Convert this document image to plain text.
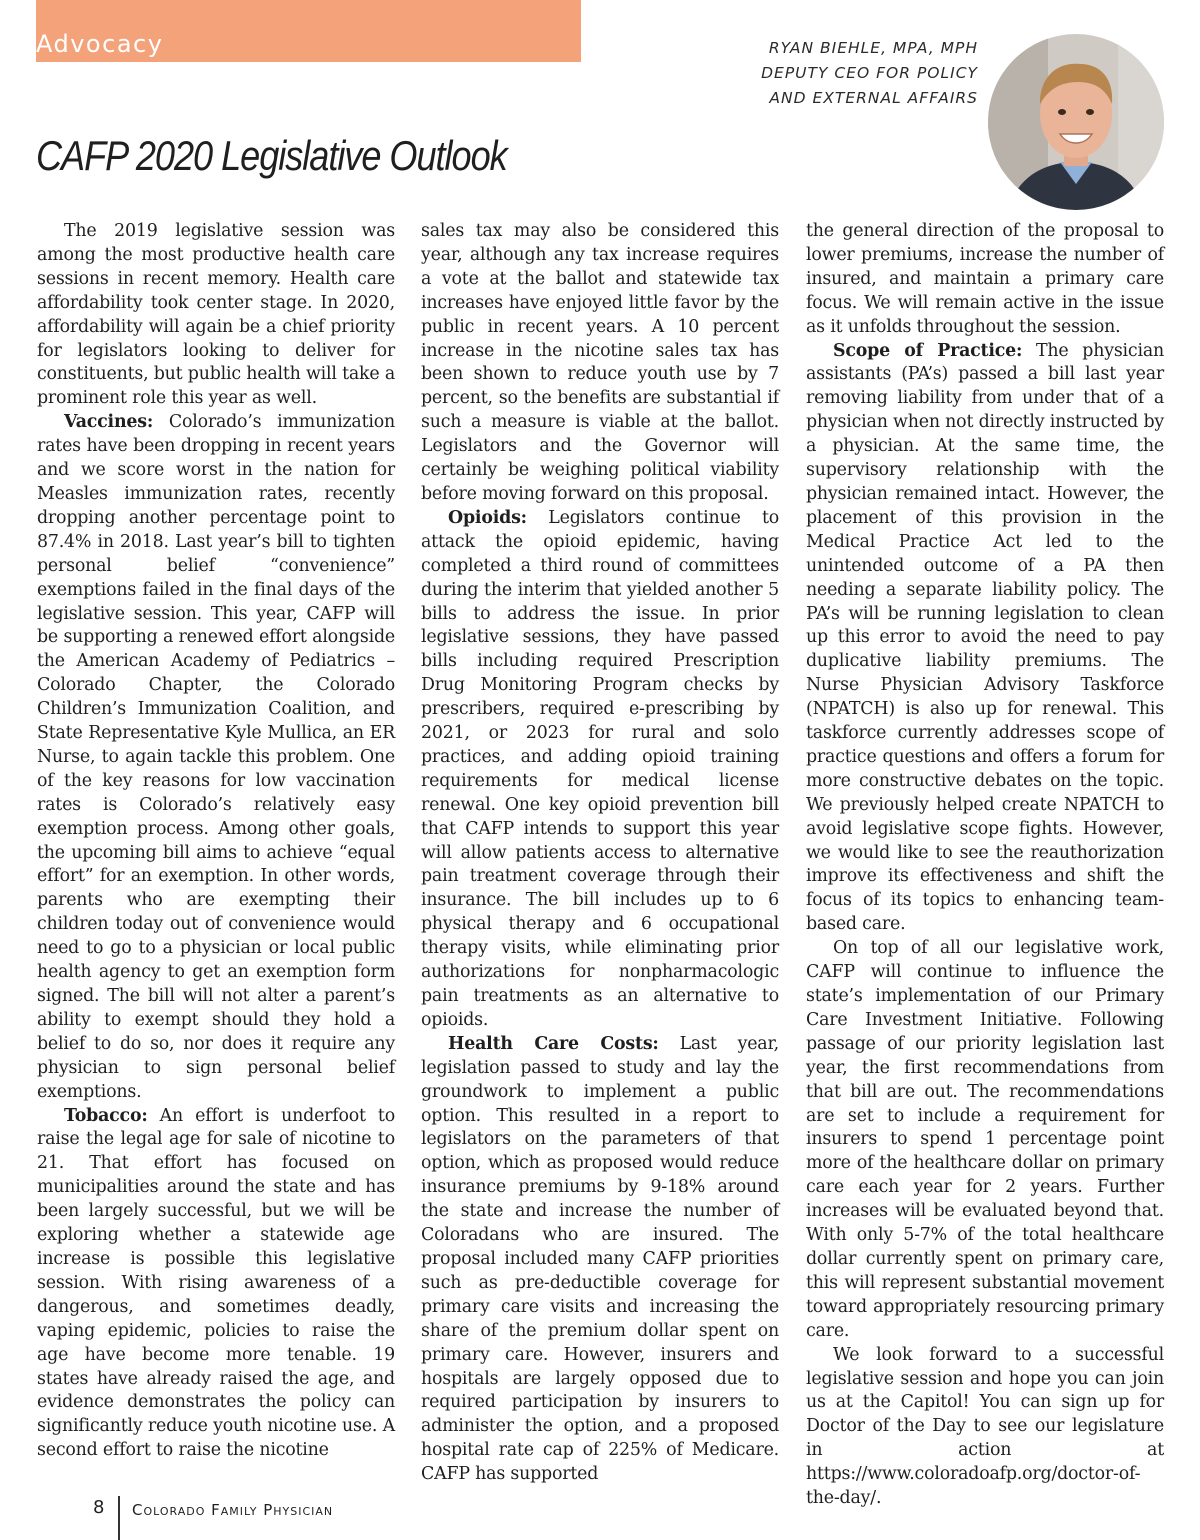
Advocacy	RYAN BIEHLE, MPA, MPH
DEPUTY CEO FOR POLICY
AND EXTERNAL AFFAIRS
CAFP 2020 Legislative Outlook

The 2019 legislative session was among the most productive health care sessions in recent memory. Health care affordability took center stage. In 2020, affordability will again be a chief priority for legislators looking to deliver for constituents, but public health will take a prominent role this year as well.

Vaccines: Colorado’s immunization rates have been dropping in recent years and we score worst in the nation for Measles immunization rates, recently dropping another percentage point to 87.4% in 2018. Last year’s bill to tighten personal belief “convenience” exemptions failed in the final days of the legislative session. This year, CAFP will be supporting a renewed effort alongside the American Academy of Pediatrics – Colorado Chapter, the Colorado Children’s Immunization Coalition, and State Representative Kyle Mullica, an ER Nurse, to again tackle this problem. One of the key reasons for low vaccination rates is Colorado’s relatively easy exemption process. Among other goals, the upcoming bill aims to achieve “equal effort” for an exemption. In other words, parents who are exempting their children today out of convenience would need to go to a physician or local public health agency to get an exemption form signed. The bill will not alter a parent’s ability to exempt should they hold a belief to do so, nor does it require any physician to sign personal belief exemptions.

Tobacco: An effort is underfoot to raise the legal age for sale of nicotine to 21. That effort has focused on municipalities around the state and has been largely successful, but we will be exploring whether a statewide age increase is possible this legislative session. With rising awareness of a dangerous, and sometimes deadly, vaping epidemic, policies to raise the age have become more tenable. 19 states have already raised the age, and evidence demonstrates the policy can significantly reduce youth nicotine use. A second effort to raise the nicotine

sales tax may also be considered this year, although any tax increase requires a vote at the ballot and statewide tax increases have enjoyed little favor by the public in recent years. A 10 percent increase in the nicotine sales tax has been shown to reduce youth use by 7 percent, so the benefits are substantial if such a measure is viable at the ballot. Legislators and the Governor will certainly be weighing political viability before moving forward on this proposal.

Opioids: Legislators continue to attack the opioid epidemic, having completed a third round of committees during the interim that yielded another 5 bills to address the issue. In prior legislative sessions, they have passed bills including required Prescription Drug Monitoring Program checks by prescribers, required e-prescribing by 2021, or 2023 for rural and solo practices, and adding opioid training requirements for medical license renewal. One key opioid prevention bill that CAFP intends to support this year will allow patients access to alternative pain treatment coverage through their insurance. The bill includes up to 6 physical therapy and 6 occupational therapy visits, while eliminating prior authorizations for nonpharmacologic pain treatments as an alternative to opioids.

Health Care Costs: Last year, legislation passed to study and lay the groundwork to implement a public option. This resulted in a report to legislators on the parameters of that option, which as proposed would reduce insurance premiums by 9-18% around the state and increase the number of Coloradans who are insured. The proposal included many CAFP priorities such as pre-deductible coverage for primary care visits and increasing the share of the premium dollar spent on primary care. However, insurers and hospitals are largely opposed due to required participation by insurers to administer the option, and a proposed hospital rate cap of 225% of Medicare. CAFP has supported

the general direction of the proposal to lower premiums, increase the number of insured, and maintain a primary care focus. We will remain active in the issue as it unfolds throughout the session.

Scope of Practice: The physician assistants (PA’s) passed a bill last year removing liability from under that of a physician when not directly instructed by a physician. At the same time, the supervisory relationship with the physician remained intact. However, the placement of this provision in the Medical Practice Act led to the unintended outcome of a PA then needing a separate liability policy. The PA’s will be running legislation to clean up this error to avoid the need to pay duplicative liability premiums. The Nurse Physician Advisory Taskforce (NPATCH) is also up for renewal. This taskforce currently addresses scope of practice questions and offers a forum for more constructive debates on the topic. We previously helped create NPATCH to avoid legislative scope fights. However, we would like to see the reauthorization improve its effectiveness and shift the focus of its topics to enhancing team-based care.

On top of all our legislative work, CAFP will continue to influence the state’s implementation of our Primary Care Investment Initiative. Following passage of our priority legislation last year, the first recommendations from that bill are out. The recommendations are set to include a requirement for insurers to spend 1 percentage point more of the healthcare dollar on primary care each year for 2 years. Further increases will be evaluated beyond that. With only 5-7% of the total healthcare dollar currently spent on primary care, this will represent substantial movement toward appropriately resourcing primary care.

We look forward to a successful legislative session and hope you can join us at the Capitol! You can sign up for Doctor of the Day to see our legislature in action at https://www.coloradoafp.org/doctor-of-the-day/.

8 Colorado Family Physician
